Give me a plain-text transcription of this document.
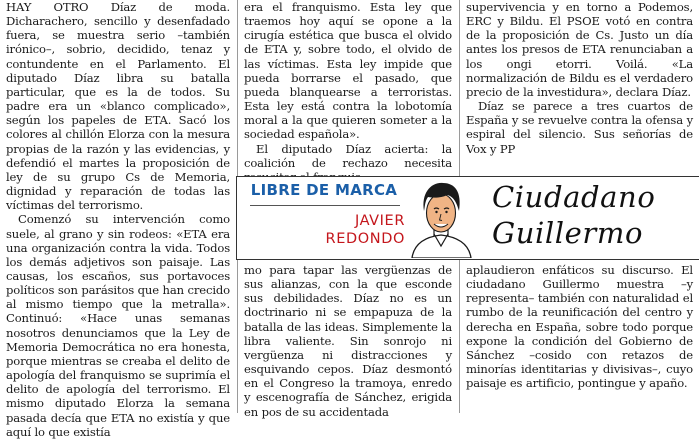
HAY OTRO Díaz de moda. Dicharachero, sencillo y desenfadado fuera, se muestra serio –también irónico–, sobrio, decidido, tenaz y contundente en el Parlamento. El diputado Díaz libra su batalla particular, que es la de todos. Su padre era un «blanco complicado», según los papeles de ETA. Sacó los colores al chillón Elorza con la mesura propias de la razón y las evidencias, y defendió el martes la proposición de ley de su grupo Cs de Memoria, dignidad y reparación de todas las víctimas del terrorismo.

Comenzó su intervención como suele, al grano y sin rodeos: «ETA era una organización contra la vida. Todos los demás adjetivos son paisaje. Las causas, los escaños, sus portavoces políticos son parásitos que han crecido al mismo tiempo que la metralla». Continuó: «Hace unas semanas nosotros denunciamos que la Ley de Memoria Democrática no era honesta, porque mientras se creaba el delito de apología del franquismo se suprimía el delito de apología del terrorismo. El mismo diputado Elorza la semana pasada decía que ETA no existía y que aquí lo que existía

era el franquismo. Esta ley que traemos hoy aquí se opone a la cirugía estética que busca el olvido de ETA y, sobre todo, el olvido de las víctimas. Esta ley impide que pueda borrarse el pasado, que pueda blanquearse a terroristas. Esta ley está contra la lobotomía moral a la que quieren someter a la sociedad española».

El diputado Díaz acierta: la coalición de rechazo necesita

supervivencia y en torno a Podemos, ERC y Bildu. El PSOE votó en contra de la proposición de Cs. Justo un día antes los presos de ETA renunciaban a los ongi etorri. Voilá. «La normalización de Bildu es el verdadero precio de la investidura», declara Díaz.

Díaz se parece a tres cuartos de España y se revuelve contra la ofensa y espiral del silencio. Sus señorías de Vox y PP

LIBRE DE MARCA
JAVIER
REDONDO
Ciudadano
Guillermo

mo para tapar las vergüenzas de sus alianzas, con la que esconde sus debilidades. Díaz no es un doctrinario ni se empapuza de la batalla de las ideas. Simplemente la libra valiente. Sin sonrojo ni vergüenza ni distracciones y esquivando cepos. Díaz desmontó en el Congreso la tramoya, enredo y escenografía de Sánchez, erigida en pos de su accidentada

aplaudieron enfáticos su discurso. El ciudadano Guillermo muestra –y representa– también con naturalidad el rumbo de la reunificación del centro y derecha en España, sobre todo porque expone la condición del Gobierno de Sánchez –cosido con retazos de minorías identitarias y divisivas–, cuyo paisaje es artificio, pontingue y apaño.
